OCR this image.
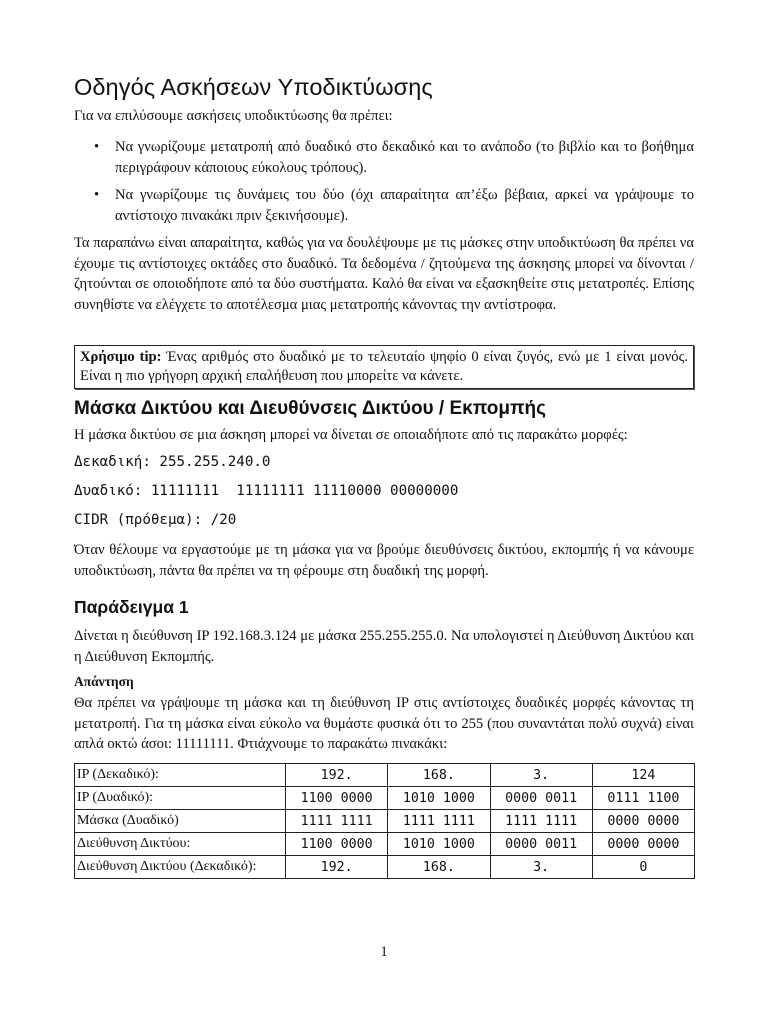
Οδηγός Ασκήσεων Υποδικτύωσης
Για να επιλύσουμε ασκήσεις υποδικτύωσης θα πρέπει:
• Να γνωρίζουμε μετατροπή από δυαδικό στο δεκαδικό και το ανάποδο (το βιβλίο και το βοήθημα περιγράφουν κάποιους εύκολους τρόπους).
• Να γνωρίζουμε τις δυνάμεις του δύο (όχι απαραίτητα απ’έξω βέβαια, αρκεί να γράψουμε το αντίστοιχο πινακάκι πριν ξεκινήσουμε).
Τα παραπάνω είναι απαραίτητα, καθώς για να δουλέψουμε με τις μάσκες στην υποδικτύωση θα πρέπει να έχουμε τις αντίστοιχες οκτάδες στο δυαδικό. Τα δεδομένα / ζητούμενα της άσκησης μπορεί να δίνονται / ζητούνται σε οποιοδήποτε από τα δύο συστήματα. Καλό θα είναι να εξασκηθείτε στις μετατροπές. Επίσης συνηθίστε να ελέγχετε το αποτέλεσμα μιας μετατροπής κάνοντας την αντίστροφα.
Χρήσιμο tip: Ένας αριθμός στο δυαδικό με το τελευταίο ψηφίο 0 είναι ζυγός, ενώ με 1 είναι μονός. Είναι η πιο γρήγορη αρχική επαλήθευση που μπορείτε να κάνετε.
Μάσκα Δικτύου και Διευθύνσεις Δικτύου / Εκπομπής
Η μάσκα δικτύου σε μια άσκηση μπορεί να δίνεται σε οποιαδήποτε από τις παρακάτω μορφές:
Δεκαδική: 255.255.240.0
Δυαδικό: 11111111  11111111 11110000 00000000
CIDR (πρόθεμα): /20
Όταν θέλουμε να εργαστούμε με τη μάσκα για να βρούμε διευθύνσεις δικτύου, εκπομπής ή να κάνουμε υποδικτύωση, πάντα θα πρέπει να τη φέρουμε στη δυαδική της μορφή.
Παράδειγμα 1
Δίνεται η διεύθυνση IP 192.168.3.124 με μάσκα 255.255.255.0. Να υπολογιστεί η Διεύθυνση Δικτύου και η Διεύθυνση Εκπομπής.
Απάντηση
Θα πρέπει να γράψουμε τη μάσκα και τη διεύθυνση IP στις αντίστοιχες δυαδικές μορφές κάνοντας τη μετατροπή. Για τη μάσκα είναι εύκολο να θυμάστε φυσικά ότι το 255 (που συναντάται πολύ συχνά) είναι απλά οκτώ άσοι: 11111111. Φτιάχνουμε το παρακάτω πινακάκι:
IP (Δεκαδικό):	192.	168.	3.	124
IP (Δυαδικό):	1100 0000	1010 1000	0000 0011	0111 1100
Μάσκα (Δυαδικό)	1111 1111	1111 1111	1111 1111	0000 0000
Διεύθυνση Δικτύου:	1100 0000	1010 1000	0000 0011	0000 0000
Διεύθυνση Δικτύου (Δεκαδικό):	192.	168.	3.	0
1
